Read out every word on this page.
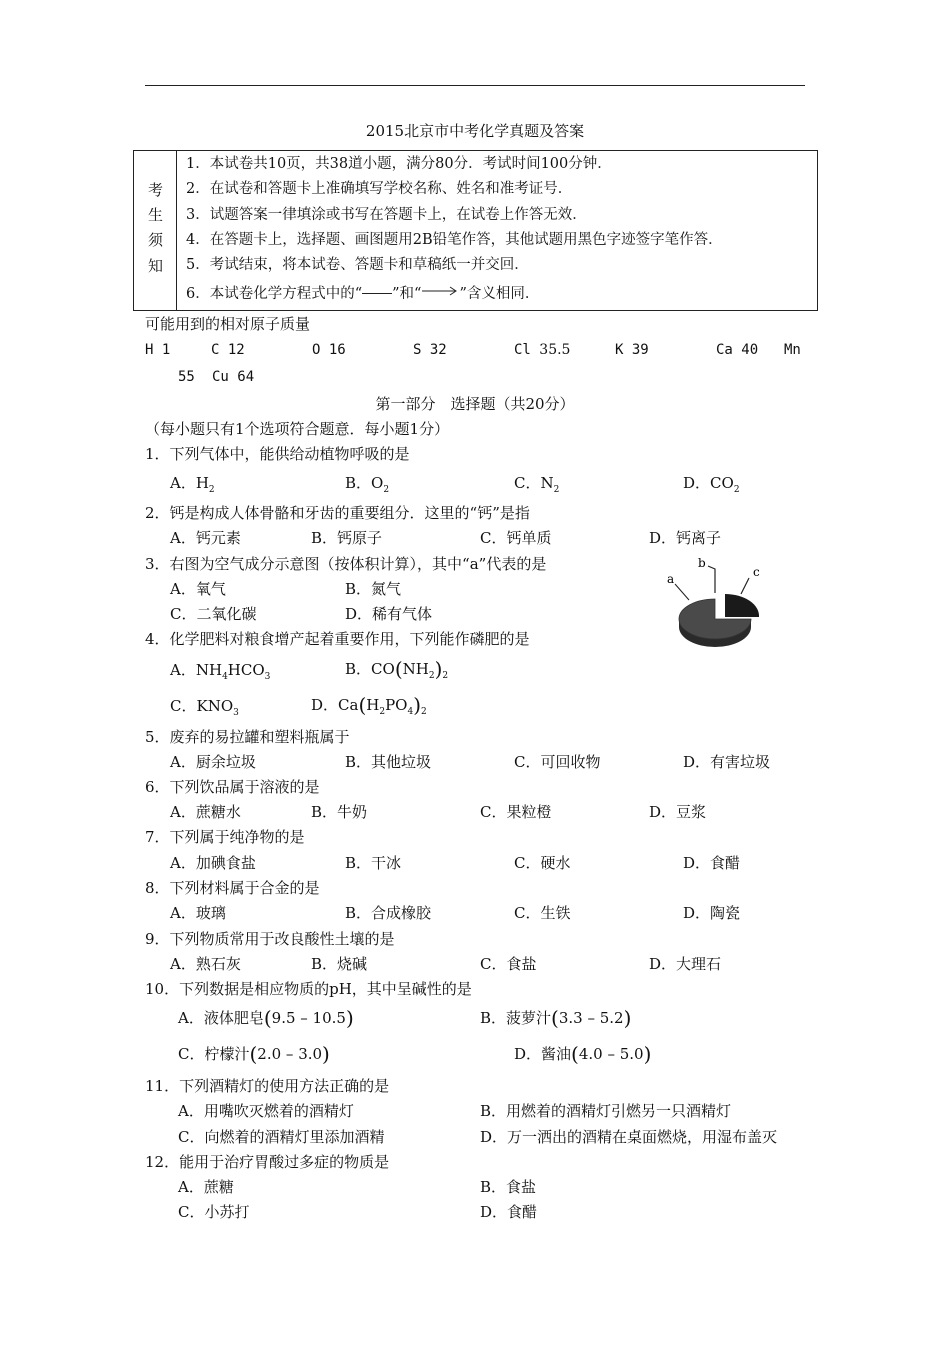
2015北京市中考化学真题及答案
考
生
须
知
1．本试卷共10页，共38道小题，满分80分．考试时间100分钟．
2．在试卷和答题卡上准确填写学校名称、姓名和准考证号．
3．试题答案一律填涂或书写在答题卡上，在试卷上作答无效．
4．在答题卡上，选择题、画图题用2B铅笔作答，其他试题用黑色字迹签字笔作答．
5．考试结束，将本试卷、答题卡和草稿纸一并交回．
6．本试卷化学方程式中的“ ”和“	”含义相同．
可能用到的相对原子质量
H 1	C 12	O 16	S 32	Cl 35.5	K 39	Ca 40 Mn
55 Cu 64
第一部分　选择题（共20分）
（每小题只有1个选项符合题意．每小题1分）
1．下列气体中，能供给动植物呼吸的是
A．$H_2$	B．$O_2$	C．$N_2$	D．$CO_2$
2．钙是构成人体骨骼和牙齿的重要组分．这里的“钙”是指
A．钙元素	B．钙原子	C．钙单质	D．钙离子
3．右图为空气成分示意图（按体积计算），其中“a”代表的是
A．氧气	B．氮气
C．二氧化碳	D．稀有气体
a
b
c
4．化学肥料对粮食增产起着重要作用，下列能作磷肥的是
A．$NH_4HCO_3$	B．$CO(NH_2)_2$
C．$KNO_3$	D．$Ca(H_2PO_4)_2$
5．废弃的易拉罐和塑料瓶属于
A．厨余垃圾	B．其他垃圾	C．可回收物	D．有害垃圾
6．下列饮品属于溶液的是
A．蔗糖水	B．牛奶	C．果粒橙	D．豆浆
7．下列属于纯净物的是
A．加碘食盐	B．干冰	C．硬水	D．食醋
8．下列材料属于合金的是
A．玻璃	B．合成橡胶	C．生铁	D．陶瓷
9．下列物质常用于改良酸性土壤的是
A．熟石灰	B．烧碱	C．食盐	D．大理石
10．下列数据是相应物质的pH，其中呈碱性的是
A．液体肥皂(9.5 – 10.5)	B．菠萝汁(3.3 – 5.2)
C．柠檬汁(2.0 – 3.0)	D．酱油(4.0 – 5.0)
11．下列酒精灯的使用方法正确的是
A．用嘴吹灭燃着的酒精灯	B．用燃着的酒精灯引燃另一只酒精灯
C．向燃着的酒精灯里添加酒精	D．万一洒出的酒精在桌面燃烧，用湿布盖灭
12．能用于治疗胃酸过多症的物质是
A．蔗糖	B．食盐
C．小苏打	D．食醋
